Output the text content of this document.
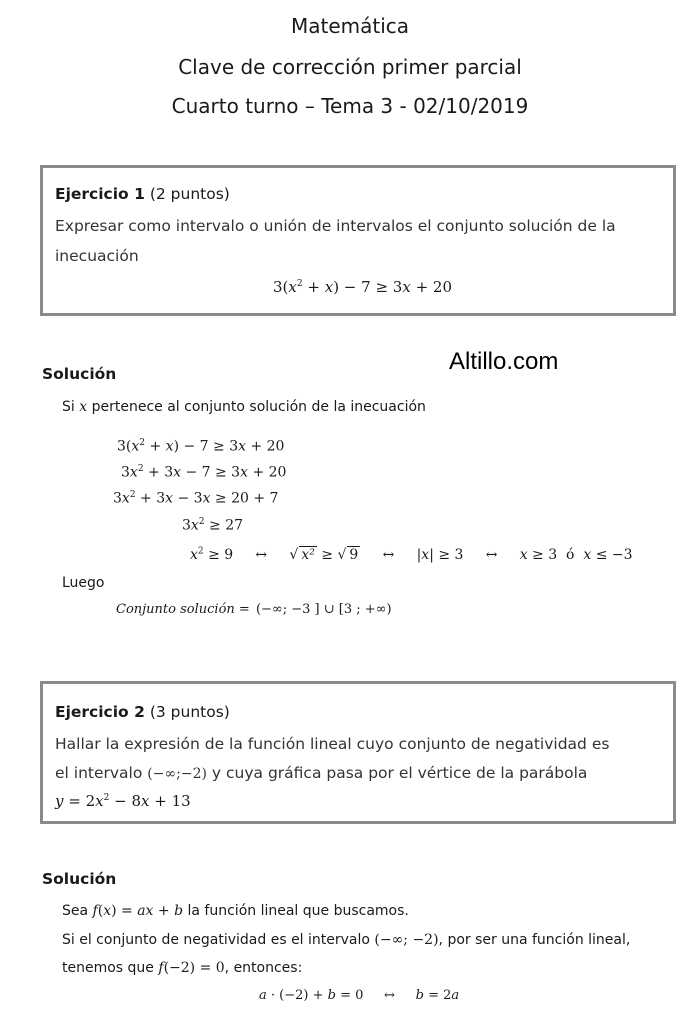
Matemática
Clave de corrección primer parcial
Cuarto turno – Tema 3 - 02/10/2019
Ejercicio 1 (2 puntos)
Expresar como intervalo o unión de intervalos el conjunto solución de la
inecuación
$3(x^2 + x) - 7 \ge 3x + 20$
Altillo.com
Solución
Si x pertenece al conjunto solución de la inecuación
$3(x^2 + x) - 7 \ge 3x + 20$
$3x^2 + 3x - 7 \ge 3x + 20$
$3x^2 + 3x - 3x \ge 20 + 7$
$3x^2 \ge 27$
$x^2 \ge 9$     ↔     √ x² ≥ √ 9     ↔     |x| ≥ 3     ↔     x ≥ 3  ó  x ≤ −3
Luego
Conjunto solución = (−∞; −3 ] ∪ [3 ; +∞)
Ejercicio 2 (3 puntos)
Hallar la expresión de la función lineal cuyo conjunto de negatividad es
el intervalo (−∞;−2) y cuya gráfica pasa por el vértice de la parábola
$y = 2x^2 - 8x + 13$
Solución
Sea f(x) = ax + b la función lineal que buscamos.
Si el conjunto de negatividad es el intervalo (−∞; −2), por ser una función lineal,
tenemos que f(−2) = 0, entonces:
a · (−2) + b = 0     ↔     b = 2a
